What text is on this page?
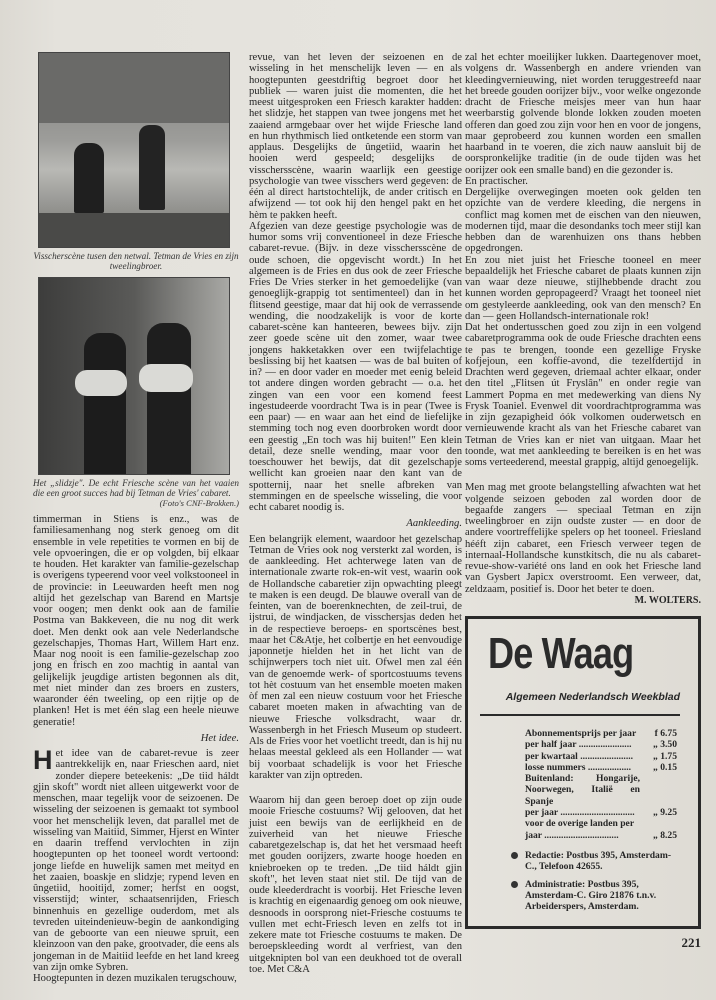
Visscherscène tusen den netwal. Tetman de Vries en zijn tweelingbroer.
Het „slidzje". De echt Friesche scène van het vaaien die een groot succes had bij Tetman de Vries' cabaret.
(Foto's CNF-Brokken.)

timmerman in Stiens is enz., was de familiesamenhang nog sterk genoeg om dit ensemble in vele repetities te vormen en bij de vele opvoeringen, die er op volgden, bij elkaar te houden. Het karakter van familie-gezelschap is overigens typeerend voor veel volkstooneel in de provincie: in Leeuwarden heeft men nog altijd het gezelschap van Barend en Martsje voor oogen; men denkt ook aan de familie Postma van Bakkeveen, die nu nog dit werk doet. Men denkt ook aan vele Nederlandsche gezelschapjes, Thomas Hart, Willem Hart enz. Maar nog nooit is een familie-gezelschap zoo jong en frisch en zoo machtig in aantal van gelijkelijk jeugdige artisten begonnen als dit, met niet minder dan zes broers en zusters, waaronder één tweeling, op een rijtje op de planken! Het is met één slag een heele nieuwe generatie!

Het idee.

Het idee van de cabaret-revue is zeer aantrekkelijk en, naar Frieschen aard, niet zonder diepere beteekenis: „De tiid háldt gjin skoft" wordt niet alleen uitgewerkt voor de menschen, maar tegelijk voor de seizoenen. De wisseling der seizoenen is gemaakt tot symbool voor het menschelijk leven, dat parallel met de wisseling van Maitiid, Simmer, Hjerst en Winter en daarin treffend vervlochten in zijn hoogtepunten op het tooneel wordt vertoond: jonge liefde en huwelijk samen met meityd en het zaaien, boaskje en slidzje; rypend leven en ûngetiid, hooitijd, zomer; herfst en oogst, visserstijd; winter, schaatsenrijden, Friesch binnenhuis en gezellige ouderdom, met als tevreden uiteindenieuw-begin de aankondiging van de geboorte van een nieuwe spruit, een kleinzoon van den pake, grootvader, die eens als jongeman in de Maitiid leefde en het land kreeg van zijn omke Sybren.

Hoogtepunten in dezen muzikalen terugschouw,

revue, van het leven der seizoenen en de wisseling in het menschelijk leven — en als hoogtepunten geestdriftig begroet door het publiek — waren juist die momenten, die het meest uitgesproken een Friesch karakter hadden: het slidzje, het stappen van twee jongens met het zaaiend armgebaar over het wijde Friesche land en hun rhythmisch lied ontketende een storm van applaus. Desgelijks de ûngetiid, waarin het hooien werd gespeeld; desgelijks de visschersscène, waarin waarlijk een geestige psychologie van twee visschers werd gegeven: de één al direct hartstochtelijk, de ander critisch en afwijzend — tot ook hij den hengel pakt en het hèm te pakken heeft.

Afgezien van deze geestige psychologie was de humor soms vrij conventioneel in deze Friesche cabaret-revue. (Bijv. in deze visschersscène de oude schoen, die opgevischt wordt.) In het algemeen is de Fries en dus ook de zeer Friesche Fries De Vries sterker in het gemoedelijke (van genoeglijk-grappig tot sentimenteel) dan in het flitsend geestige, maar dat hij ook de verrassende wending, die noodzakelijk is voor de korte cabaret-scène kan hanteeren, bewees bijv. zijn zeer goede scène uit den zomer, waar twee jongens hakketakken over een twijfelachtige beslissing bij het kaatsen — was de bal buiten of in? — en door vader en moeder met eenig beleid tot andere dingen worden gebracht — o.a. het zingen van een voor een komend feest ingestudeerde voordracht Twa is in pear (Twee is een paar) — en waar aan het eind de liefelijke stemming toch nog even doorbroken wordt door een geestig „En toch was hij buiten!" Een klein detail, deze snelle wending, maar voor den toeschouwer het bewijs, dat dit gezelschapje wellicht kan groeien naar den kant van de spotternij, naar het snelle afbreken van stemmingen en de speelsche wisseling, die voor echt cabaret noodig is.

Aankleeding.

Een belangrijk element, waardoor het gezelschap Tetman de Vries ook nog versterkt zal worden, is de aankleeding. Het achterwege laten van de internationale zwarte rok-en-wit vest, waarin ook de Hollandsche cabaretier zijn opwachting pleegt te maken is een deugd. De blauwe overall van de feinten, van de boerenknechten, de zeil-trui, de ijstrui, de windjacken, de visschersjas deden het in de respectieve beroeps- en sportscènes best, maar het C&Atje, het colbertje en het eenvoudige japonnetje hielden het in het licht van de schijnwerpers toch niet uit. Ofwel men zal één van de genoemde werk- of sportcostuums tevens tot hèt costuum van het ensemble moeten maken òf men zal een nieuw costuum voor het Friesche cabaret moeten maken in afwachting van de nieuwe Friesche volksdracht, waar dr. Wassenbergh in het Friesch Museum op studeert. Als de Fries voor het voetlicht treedt, dan is hij nu helaas meestal gekleed als een Hollander — wat bij voorbaat schadelijk is voor het Friesche karakter van zijn optreden.

Waarom hij dan geen beroep doet op zijn oude mooie Friesche costuums? Wij gelooven, dat het juist een bewijs van de eerlijkheid en de zuiverheid van het nieuwe Friesche cabaretgezelschap is, dat het het versmaad heeft met gouden oorijzers, zwarte hooge hoeden en kniebroeken op te treden. „De tiid háldt gjin skoft", het leven staat niet stil. De tijd van de oude kleederdracht is voorbij. Het Friesche leven is krachtig en eigenaardig genoeg om ook nieuwe, desnoods in oorsprong niet-Friesche costuums te vullen met echt-Friesch leven en zelfs tot in zekere mate tot Friesche costuums te maken. De beroepskleeding wordt al verfriest, van den uitgeknipten bol van een deukhoed tot de overall toe. Met C&A

zal het echter moeilijker lukken. Daartegenover moet, volgens dr. Wassenbergh en andere vrienden van kleedingvernieuwing, niet worden teruggestreefd naar het breede gouden oorijzer bijv., voor welke ongezonde dracht de Friesche meisjes meer van hun haar weerbarstig golvende blonde lokken zouden moeten offeren dan goed zou zijn voor hen en voor de jongens, maar geprobeerd zou kunnen worden een smallen haarband in te voeren, die zich nauw aansluit bij de oorspronkelijke traditie (in de oude tijden was het oorijzer ook een smalle band) en die gezonder is.

En practischer.

Dergelijke overwegingen moeten ook gelden ten opzichte van de verdere kleeding, die nergens in conflict mag komen met de eischen van den nieuwen, modernen tijd, maar die desondanks toch meer stijl kan hebben dan de warenhuizen ons thans hebben opgedrongen.

En zou niet juist het Friesche tooneel en meer bepaaldelijk het Friesche cabaret de plaats kunnen zijn van waar deze nieuwe, stijlhebbende dracht zou kunnen worden gepropageerd? Vraagt het tooneel niet om gestyleerde aankleeding, ook van den mensch? En dan — geen Hollandsch-internationale rok!

Dat het ondertusschen goed zou zijn in een volgend cabaretprogramma ook de oude Friesche drachten eens te pas te brengen, toonde een gezellige Fryske kofjejoun, een koffie-avond, die tezelfdertijd in Drachten werd gegeven, driemaal achter elkaar, onder den titel „Flitsen út Fryslân" en onder regie van Lammert Popma en met medewerking van diens Ny Frysk Toaniel. Evenwel dit voordrachtprogramma was in zijn gezapigheid óók volkomen ouderwetsch en vernieuwende kracht als van het Friesche cabaret van Tetman de Vries kan er niet van uitgaan. Maar het toonde, wat met aankleeding te bereiken is en het was soms verteederend, meestal grappig, altijd genoegelijk.

Men mag met groote belangstelling afwachten wat het volgende seizoen geboden zal worden door de begaafde zangers — speciaal Tetman en zijn tweelingbroer en zijn oudste zuster — en door de andere voortreffelijke spelers op het tooneel. Friesland hééft zijn cabaret, een Friesch verweer tegen de internaal-Hollandsche kunstkitsch, die nu als cabaret-revue-show-variété ons land en ook het Friesche land van Gysbert Japicx overstroomt. Een verweer, dat, zeldzaam, positief is. Door het beter te doen.

M. WOLTERS.

De Waag
Algemeen Nederlandsch Weekblad
Abonnementsprijs per jaar	f 6.75
per half jaar ......................	„ 3.50
per kwartaal ......................	„ 1.75
losse nummers ..................	„ 0.15
Buitenland: Hongarije, Noorwegen, Italië en Spanje
per jaar ...............................	„ 9.25
voor de overige landen per jaar ...............................	„ 8.25
Redactie: Postbus 395, Amsterdam-C., Telefoon 42655.
Administratie: Postbus 395, Amsterdam-C. Giro 21876 t.n.v. Arbeiderspers, Amsterdam.
221
